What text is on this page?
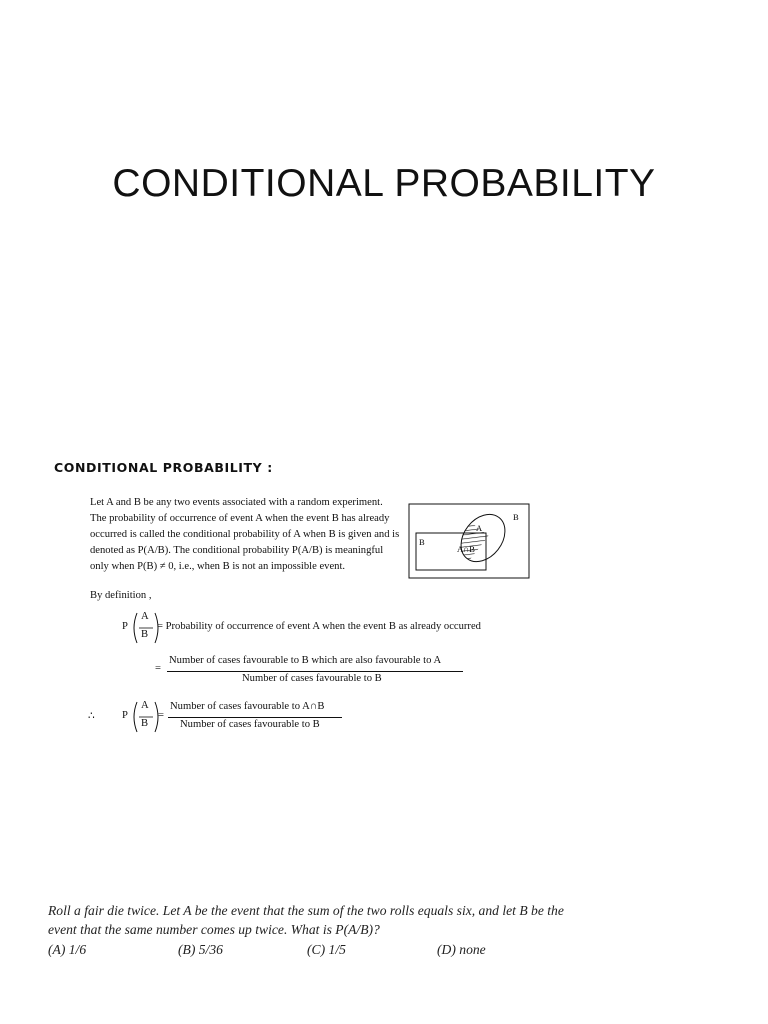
CONDITIONAL PROBABILITY
CONDITIONAL PROBABILITY :
Let A and B be any two events associated with a random experiment.
The probability of occurrence of event A when the event B has already
occurred is called the conditional probability of A when B is given and is
denoted as P(A/B). The conditional probability P(A/B) is meaningful
only when P(B) ≠ 0, i.e., when B is not an impossible event.
B
B
A
A∩B
By definition ,
P
A
B
= Probability of occurrence of event A when the event B as already occurred
=
Number of cases favourable to B which are also favourable to A
Number of cases favourable to B
∴	P
A
B
=
Number of cases favourable to A∩B
Number of cases favourable to B
Roll a fair die twice. Let A be the event that the sum of the two rolls equals six, and let B be the
event that the same number comes up twice. What is P(A/B)?
(A) 1/6	(B) 5/36	(C) 1/5	(D) none
